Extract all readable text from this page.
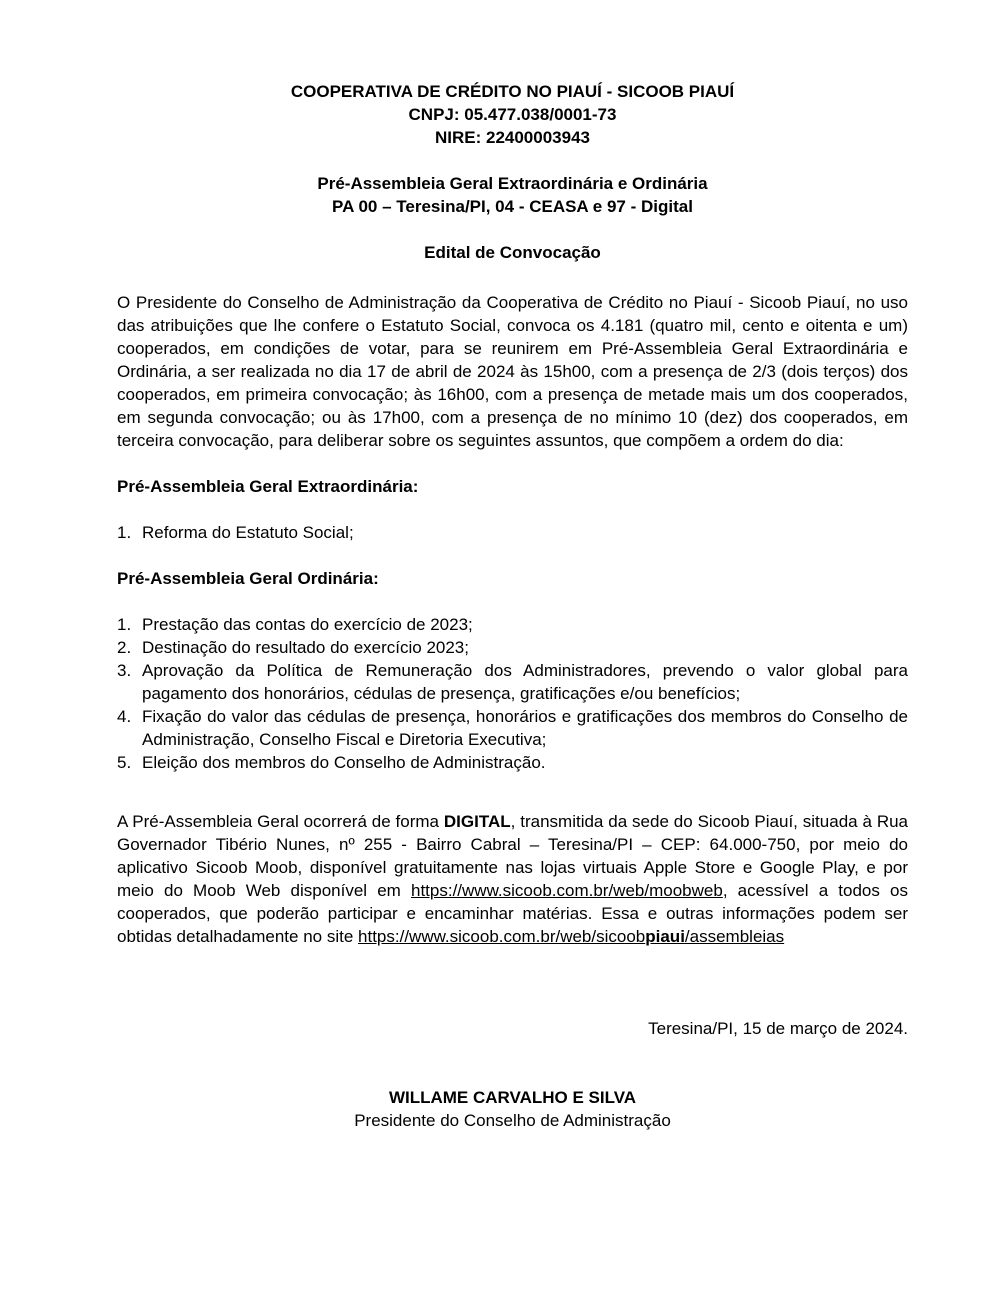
COOPERATIVA DE CRÉDITO NO PIAUÍ - SICOOB PIAUÍ
CNPJ: 05.477.038/0001-73
NIRE: 22400003943
Pré-Assembleia Geral Extraordinária e Ordinária
PA 00 – Teresina/PI, 04 - CEASA e 97 - Digital
Edital de Convocação

O Presidente do Conselho de Administração da Cooperativa de Crédito no Piauí - Sicoob Piauí, no uso das atribuições que lhe confere o Estatuto Social, convoca os 4.181 (quatro mil, cento e oitenta e um) cooperados, em condições de votar, para se reunirem em Pré-Assembleia Geral Extraordinária e Ordinária, a ser realizada no dia 17 de abril de 2024 às 15h00, com a presença de 2/3 (dois terços) dos cooperados, em primeira convocação; às 16h00, com a presença de metade mais um dos cooperados, em segunda convocação; ou às 17h00, com a presença de no mínimo 10 (dez) dos cooperados, em terceira convocação, para deliberar sobre os seguintes assuntos, que compõem a ordem do dia:

Pré-Assembleia Geral Extraordinária:
1. Reforma do Estatuto Social;
Pré-Assembleia Geral Ordinária:
1. Prestação das contas do exercício de 2023;
2. Destinação do resultado do exercício 2023;
3. Aprovação da Política de Remuneração dos Administradores, prevendo o valor global para pagamento dos honorários, cédulas de presença, gratificações e/ou benefícios;
4. Fixação do valor das cédulas de presença, honorários e gratificações dos membros do Conselho de Administração, Conselho Fiscal e Diretoria Executiva;
5. Eleição dos membros do Conselho de Administração.

A Pré-Assembleia Geral ocorrerá de forma DIGITAL, transmitida da sede do Sicoob Piauí, situada à Rua Governador Tibério Nunes, nº 255 - Bairro Cabral – Teresina/PI – CEP: 64.000-750, por meio do aplicativo Sicoob Moob, disponível gratuitamente nas lojas virtuais Apple Store e Google Play, e por meio do Moob Web disponível em https://www.sicoob.com.br/web/moobweb, acessível a todos os cooperados, que poderão participar e encaminhar matérias. Essa e outras informações podem ser obtidas detalhadamente no site https://www.sicoob.com.br/web/sicoobpiaui/assembleias

Teresina/PI, 15 de março de 2024.

WILLAME CARVALHO E SILVA
Presidente do Conselho de Administração
